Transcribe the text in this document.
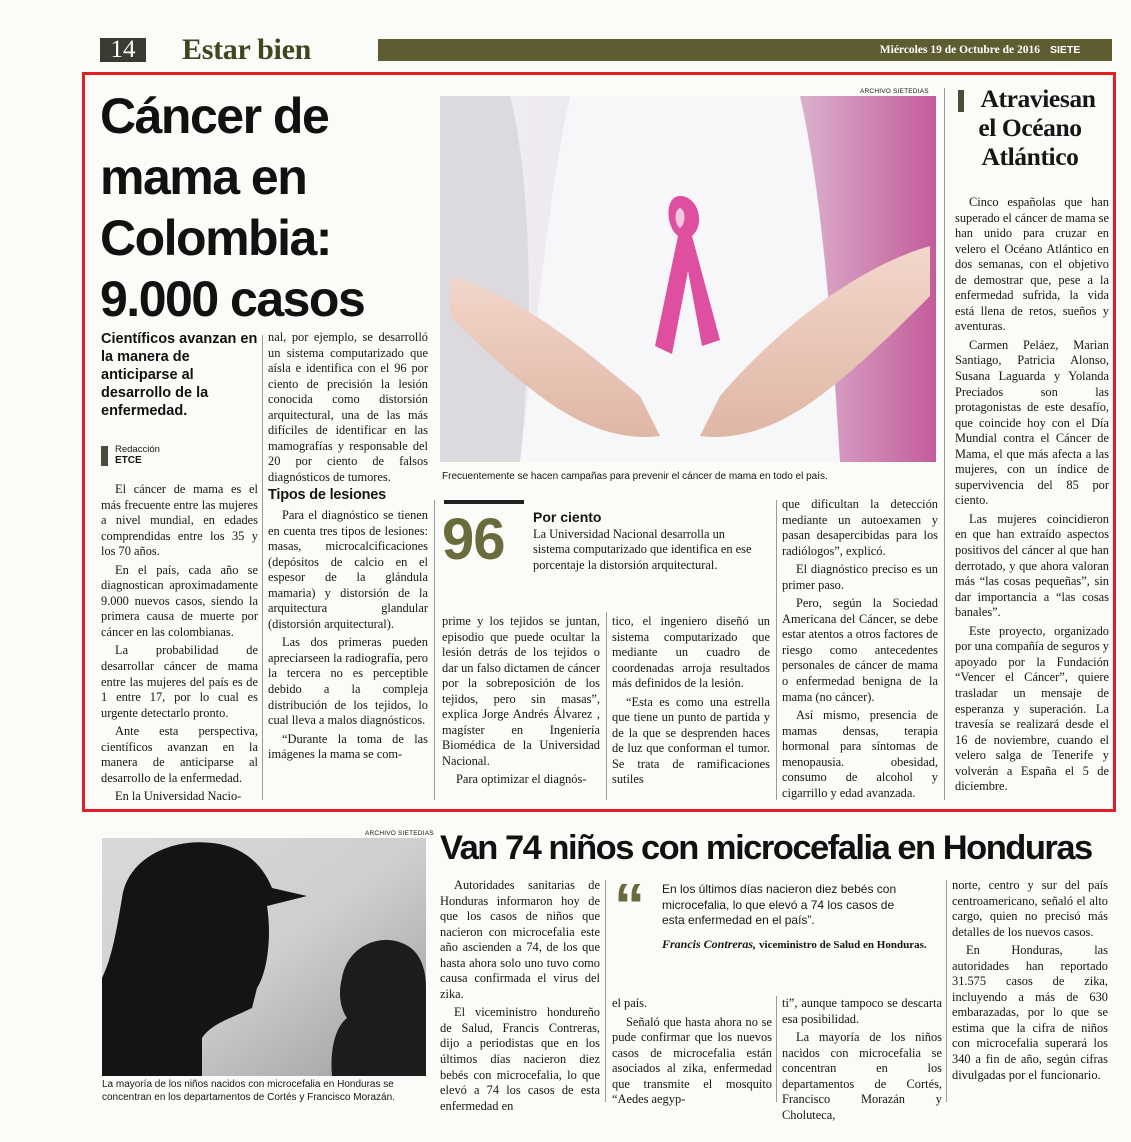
14	Estar bien	Miércoles 19 de Octubre de 2016 SIETE DIAS
Cáncer de
mama en
Colombia:
9.000 casos
Científicos avanzan en la manera de anticiparse al desarrollo de la enfermedad.
Redacción
ETCE
ARCHIVO SIETEDIAS
Frecuentemente se hacen campañas para prevenir el cáncer de mama en todo el país.

El cáncer de mama es el más frecuente entre las mujeres a nivel mundial, en edades comprendidas entre los 35 y los 70 años.

En el país, cada año se diagnostican aproximadamente 9.000 nuevos casos, siendo la primera causa de muerte por cáncer en las colombianas.

La probabilidad de desarrollar cáncer de mama entre las mujeres del país es de 1 entre 17, por lo cual es urgente detectarlo pronto.

Ante esta perspectiva, científicos avanzan en la manera de anticiparse al desarrollo de la enfermedad.

En la Universidad Nacio-

nal, por ejemplo, se desarrolló un sistema computarizado que aísla e identifica con el 96 por ciento de precisión la lesión conocida como distorsión arquitectural, una de las más difíciles de identificar en las mamografías y responsable del 20 por ciento de falsos diagnósticos de tumores.

Tipos de lesiones

Para el diagnóstico se tienen en cuenta tres tipos de lesiones: masas, microcalcificaciones (depósitos de calcio en el espesor de la glándula mamaria) y distorsión de la arquitectura glandular (distorsión arquitectural).

Las dos primeras pueden apreciarseen la radiografía, pero la tercera no es perceptible debido a la compleja distribución de los tejidos, lo cual lleva a malos diagnósticos.

“Durante la toma de las imágenes la mama se com-

96 Por ciento
La Universidad Nacional desarrolla un sistema computarizado que identifica en ese porcentaje la distorsión arquitectural.

prime y los tejidos se juntan, episodio que puede ocultar la lesión detrás de los tejidos o dar un falso dictamen de cáncer por la sobreposición de los tejidos, pero sin masas”, explica Jorge Andrés Álvarez , magíster en Ingeniería Biomédica de la Universidad Nacional.

Para optimizar el diagnós-

tico, el ingeniero diseñó un sistema computarizado que mediante un cuadro de coordenadas arroja resultados más definidos de la lesión.

“Esta es como una estrella que tiene un punto de partida y de la que se desprenden haces de luz que conforman el tumor. Se trata de ramificaciones sutiles

que dificultan la detección mediante un autoexamen y pasan desapercibidas para los radiólogos”, explicó.

El diagnóstico preciso es un primer paso.

Pero, según la Sociedad Americana del Cáncer, se debe estar atentos a otros factores de riesgo como antecedentes personales de cáncer de mama o enfermedad benigna de la mama (no cáncer).

Así mismo, presencia de mamas densas, terapia hormonal para síntomas de menopausia. obesidad, consumo de alcohol y cigarrillo y edad avanzada.

Atraviesan
el Océano
Atlántico

Cinco españolas que han superado el cáncer de mama se han unido para cruzar en velero el Océano Atlántico en dos semanas, con el objetivo de demostrar que, pese a la enfermedad sufrida, la vida está llena de retos, sueños y aventuras.

Carmen Peláez, Marian Santiago, Patricia Alonso, Susana Laguarda y Yolanda Preciados son las protagonistas de este desafío, que coincide hoy con el Día Mundial contra el Cáncer de Mama, el que más afecta a las mujeres, con un índice de supervivencia del 85 por ciento.

Las mujeres coincidieron en que han extraído aspectos positivos del cáncer al que han derrotado, y que ahora valoran más “las cosas pequeñas”, sin dar importancia a “las cosas banales”.

Este proyecto, organizado por una compañía de seguros y apoyado por la Fundación “Vencer el Cáncer”, quiere trasladar un mensaje de esperanza y superación. La travesía se realizará desde el 16 de noviembre, cuando el velero salga de Tenerife y volverán a España el 5 de diciembre.

ARCHIVO SIETEDIAS
La mayoría de los niños nacidos con microcefalia en Honduras se concentran en los departamentos de Cortés y Francisco Morazán.
Van 74 niños con microcefalia en Honduras

Autoridades sanitarias de Honduras informaron hoy de que los casos de niños que nacieron con microcefalia este año ascienden a 74, de los que hasta ahora solo uno tuvo como causa confirmada el virus del zika.

El viceministro hondureño de Salud, Francis Contreras, dijo a periodistas que en los últimos días nacieron diez bebés con microcefalia, lo que elevó a 74 los casos de esta enfermedad en

“ En los últimos días nacieron diez bebés con microcefalia, lo que elevó a 74 los casos de esta enfermedad en el país”.
Francis Contreras, viceministro de Salud en Honduras.

el país.

Señaló que hasta ahora no se pude confirmar que los nuevos casos de microcefalia están asociados al zika, enfermedad que transmite el mosquito “Aedes aegyp-

ti”, aunque tampoco se descarta esa posibilidad.

La mayoría de los niños nacidos con microcefalia se concentran en los departamentos de Cortés, Francisco Morazán y Choluteca,

norte, centro y sur del país centroamericano, señaló el alto cargo, quien no precisó más detalles de los nuevos casos.

En Honduras, las autoridades han reportado 31.575 casos de zika, incluyendo a más de 630 embarazadas, por lo que se estima que la cifra de niños con microcefalia superará los 340 a fin de año, según cifras divulgadas por el funcionario.
